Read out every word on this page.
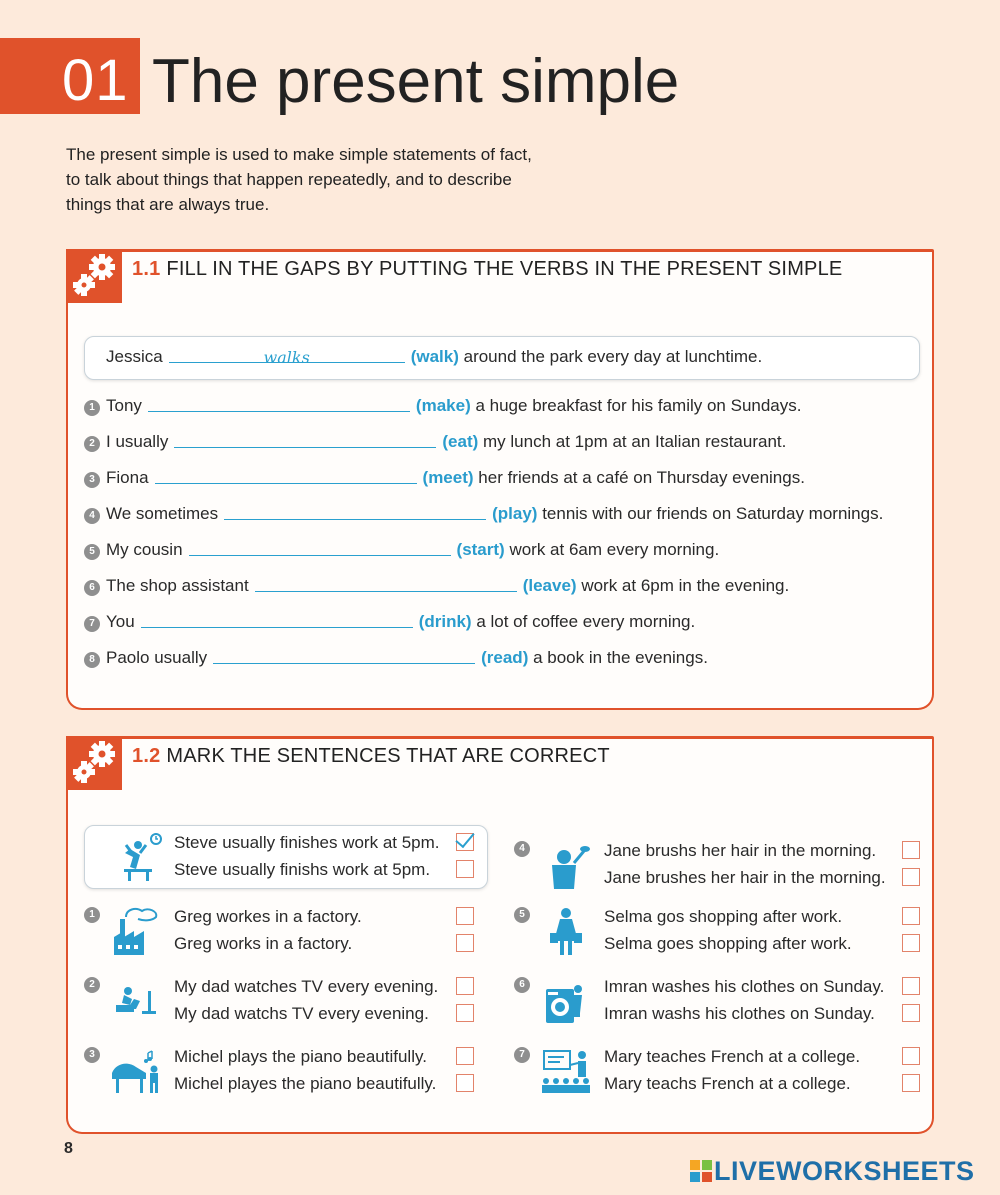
01 The present simple
The present simple is used to make simple statements of fact, to talk about things that happen repeatedly, and to describe things that are always true.
1.1 FILL IN THE GAPS BY PUTTING THE VERBS IN THE PRESENT SIMPLE
Jessicawalks	(walk) around the park every day at lunchtime.
1 Tony	(make) a huge breakfast for his family on Sundays.
2 I usually	(eat) my lunch at 1pm at an Italian restaurant.
3 Fiona	(meet) her friends at a café on Thursday evenings.
4 We sometimes	(play) tennis with our friends on Saturday mornings.
5 My cousin	(start) work at 6am every morning.
6 The shop assistant	(leave) work at 6pm in the evening.
7 You	(drink) a lot of coffee every morning.
8 Paolo usually	(read) a book in the evenings.
1.2 MARK THE SENTENCES THAT ARE CORRECT
Steve usually finishes work at 5pm.
Steve usually finishs work at 5pm.
1	Greg workes in a factory.
Greg works in a factory.
2	My dad watches TV every evening.
My dad watchs TV every evening.
3	Michel plays the piano beautifully.
Michel playes the piano beautifully.
4	Jane brushs her hair in the morning.
Jane brushes her hair in the morning.
5	Selma gos shopping after work.
Selma goes shopping after work.
6	Imran washes his clothes on Sunday.
Imran washs his clothes on Sunday.
7	Mary teaches French at a college.
Mary teachs French at a college.
8
LIVEWORKSHEETS
